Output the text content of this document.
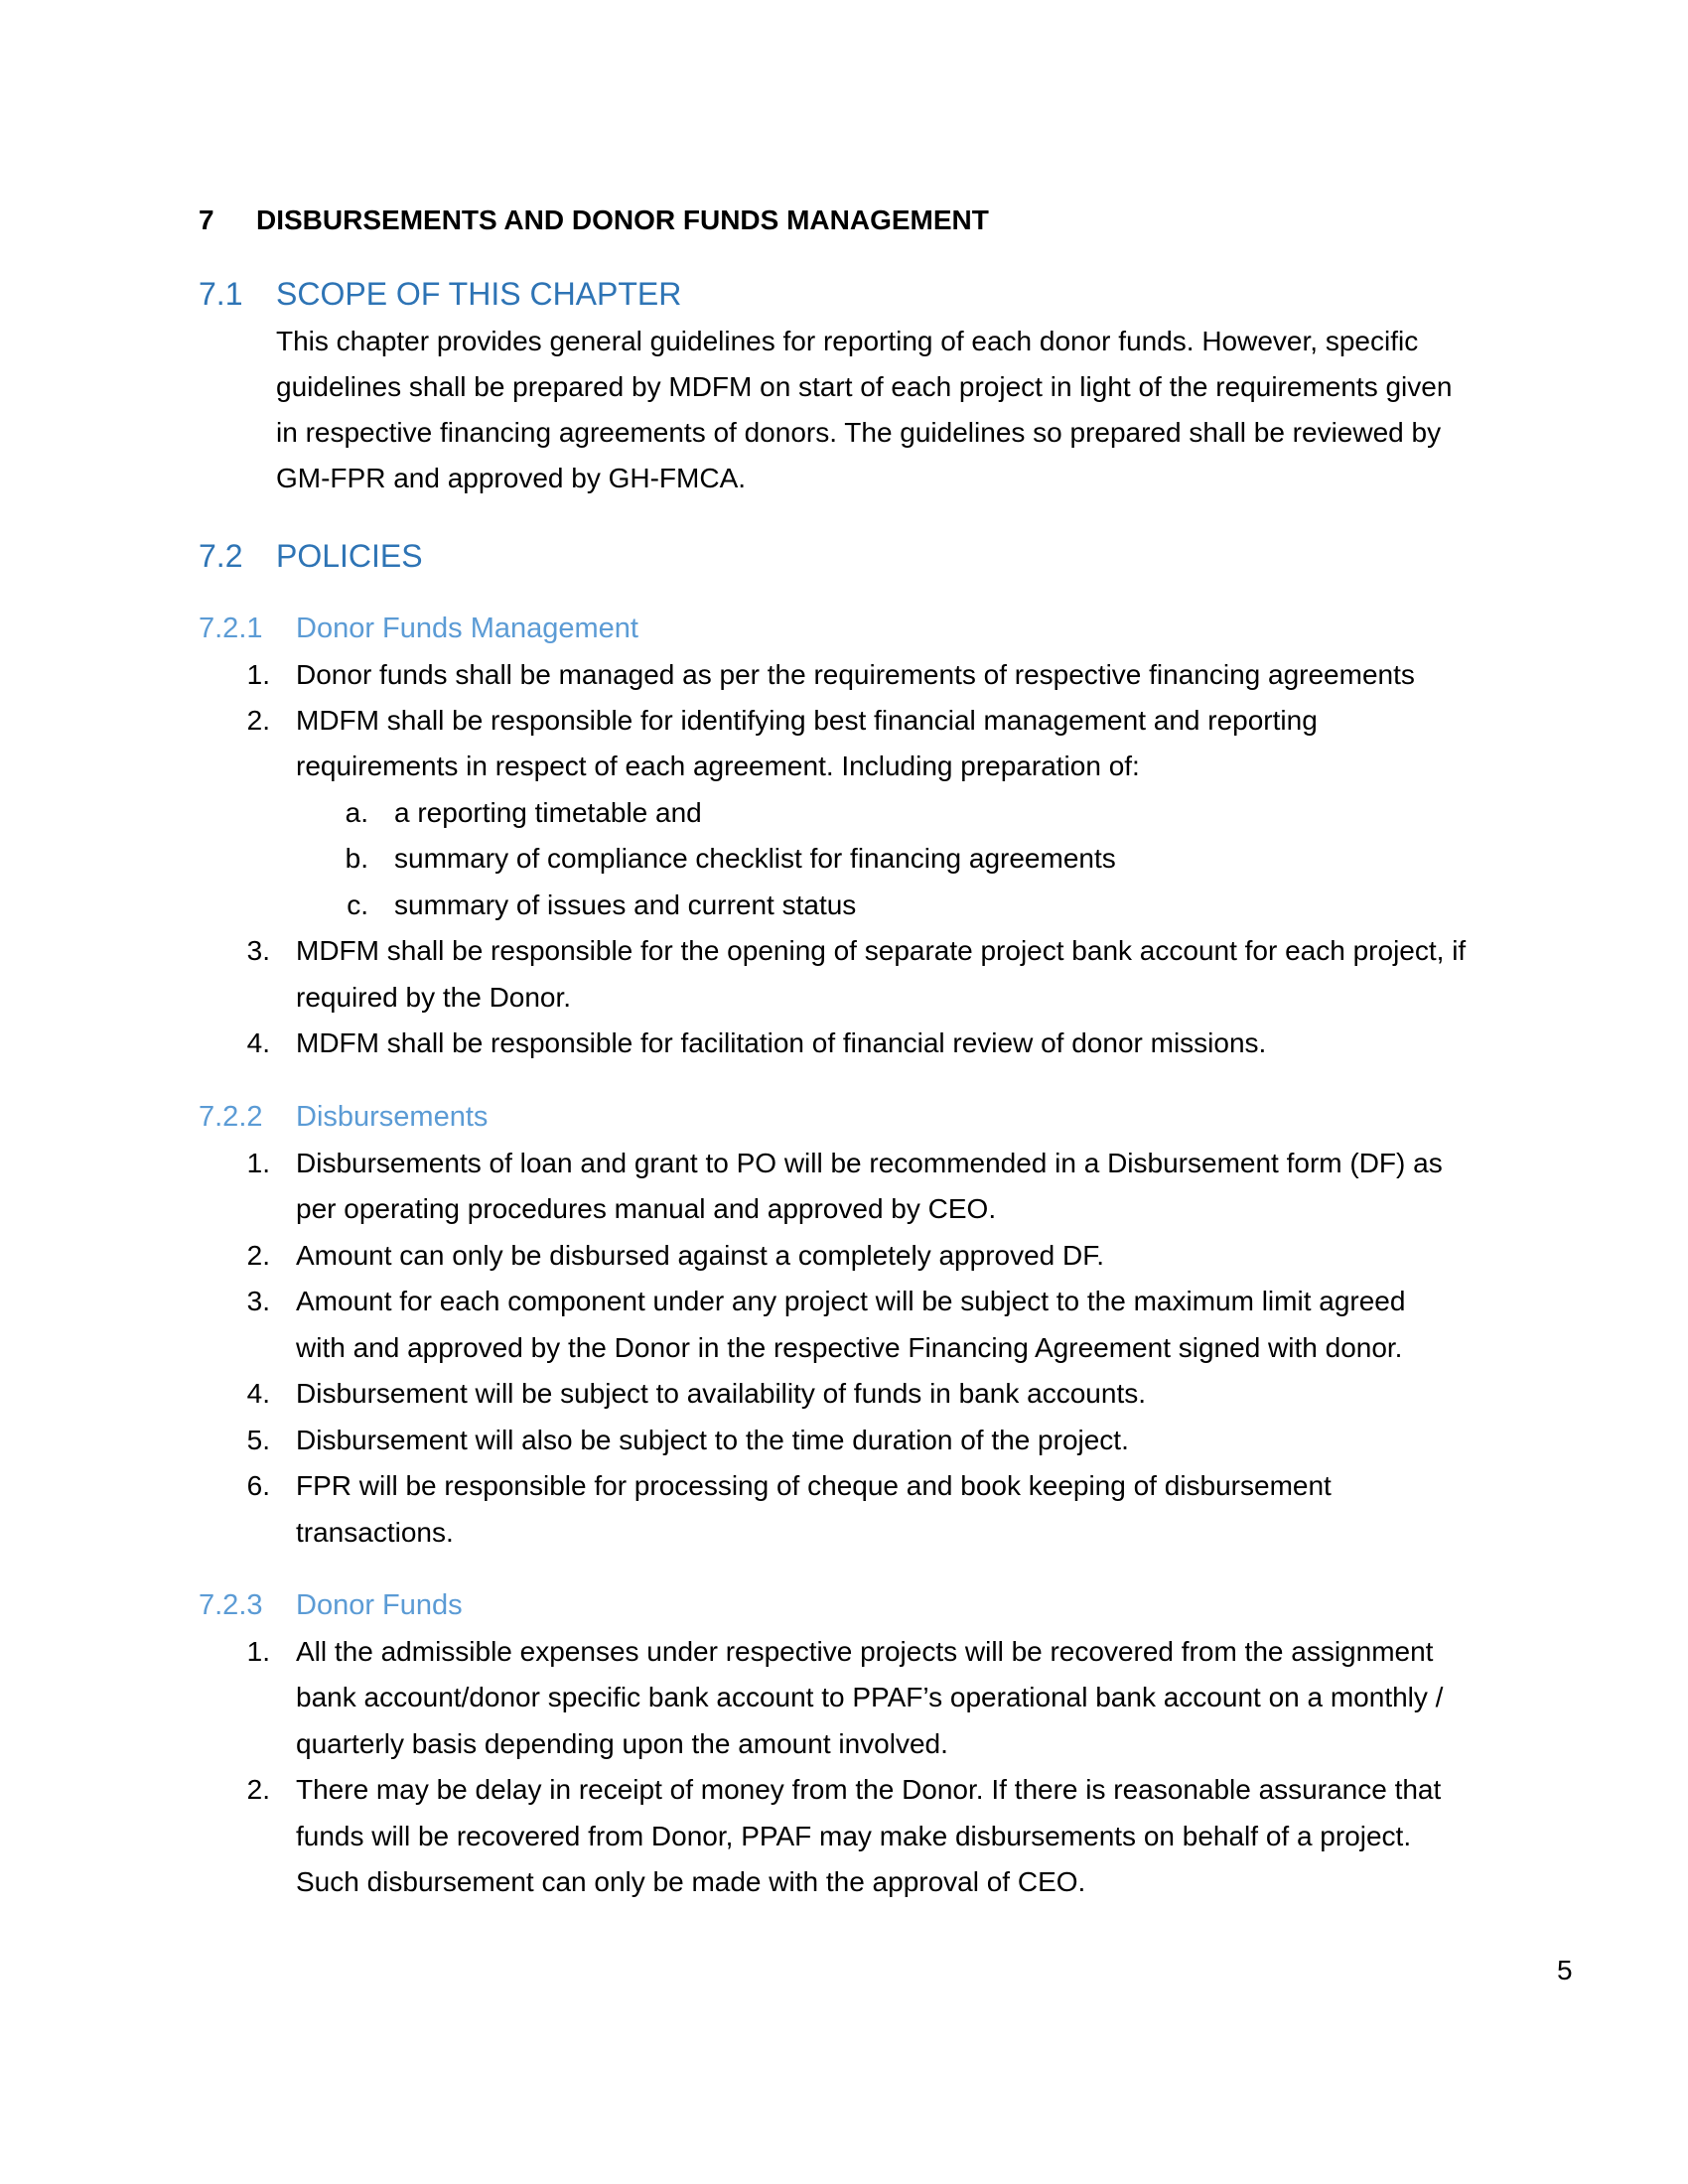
7 DISBURSEMENTS AND DONOR FUNDS MANAGEMENT
7.1 SCOPE OF THIS CHAPTER
This chapter provides general guidelines for reporting of each donor funds. However, specific
guidelines shall be prepared by MDFM on start of each project in light of the requirements given
in respective financing agreements of donors. The guidelines so prepared shall be reviewed by
GM-FPR and approved by GH-FMCA.
7.2 POLICIES
7.2.1 Donor Funds Management
1. Donor funds shall be managed as per the requirements of respective financing agreements
2. MDFM shall be responsible for identifying best financial management and reporting
requirements in respect of each agreement. Including preparation of:
a. a reporting timetable and
b. summary of compliance checklist for financing agreements
c. summary of issues and current status
3. MDFM shall be responsible for the opening of separate project bank account for each project, if
required by the Donor.
4. MDFM shall be responsible for facilitation of financial review of donor missions.
7.2.2 Disbursements
1. Disbursements of loan and grant to PO will be recommended in a Disbursement form (DF) as
per operating procedures manual and approved by CEO.
2. Amount can only be disbursed against a completely approved DF.
3. Amount for each component under any project will be subject to the maximum limit agreed
with and approved by the Donor in the respective Financing Agreement signed with donor.
4. Disbursement will be subject to availability of funds in bank accounts.
5. Disbursement will also be subject to the time duration of the project.
6. FPR will be responsible for processing of cheque and book keeping of disbursement
transactions.
7.2.3 Donor Funds
1. All the admissible expenses under respective projects will be recovered from the assignment
bank account/donor specific bank account to PPAF’s operational bank account on a monthly /
quarterly basis depending upon the amount involved.
2. There may be delay in receipt of money from the Donor. If there is reasonable assurance that
funds will be recovered from Donor, PPAF may make disbursements on behalf of a project.
Such disbursement can only be made with the approval of CEO.
5
